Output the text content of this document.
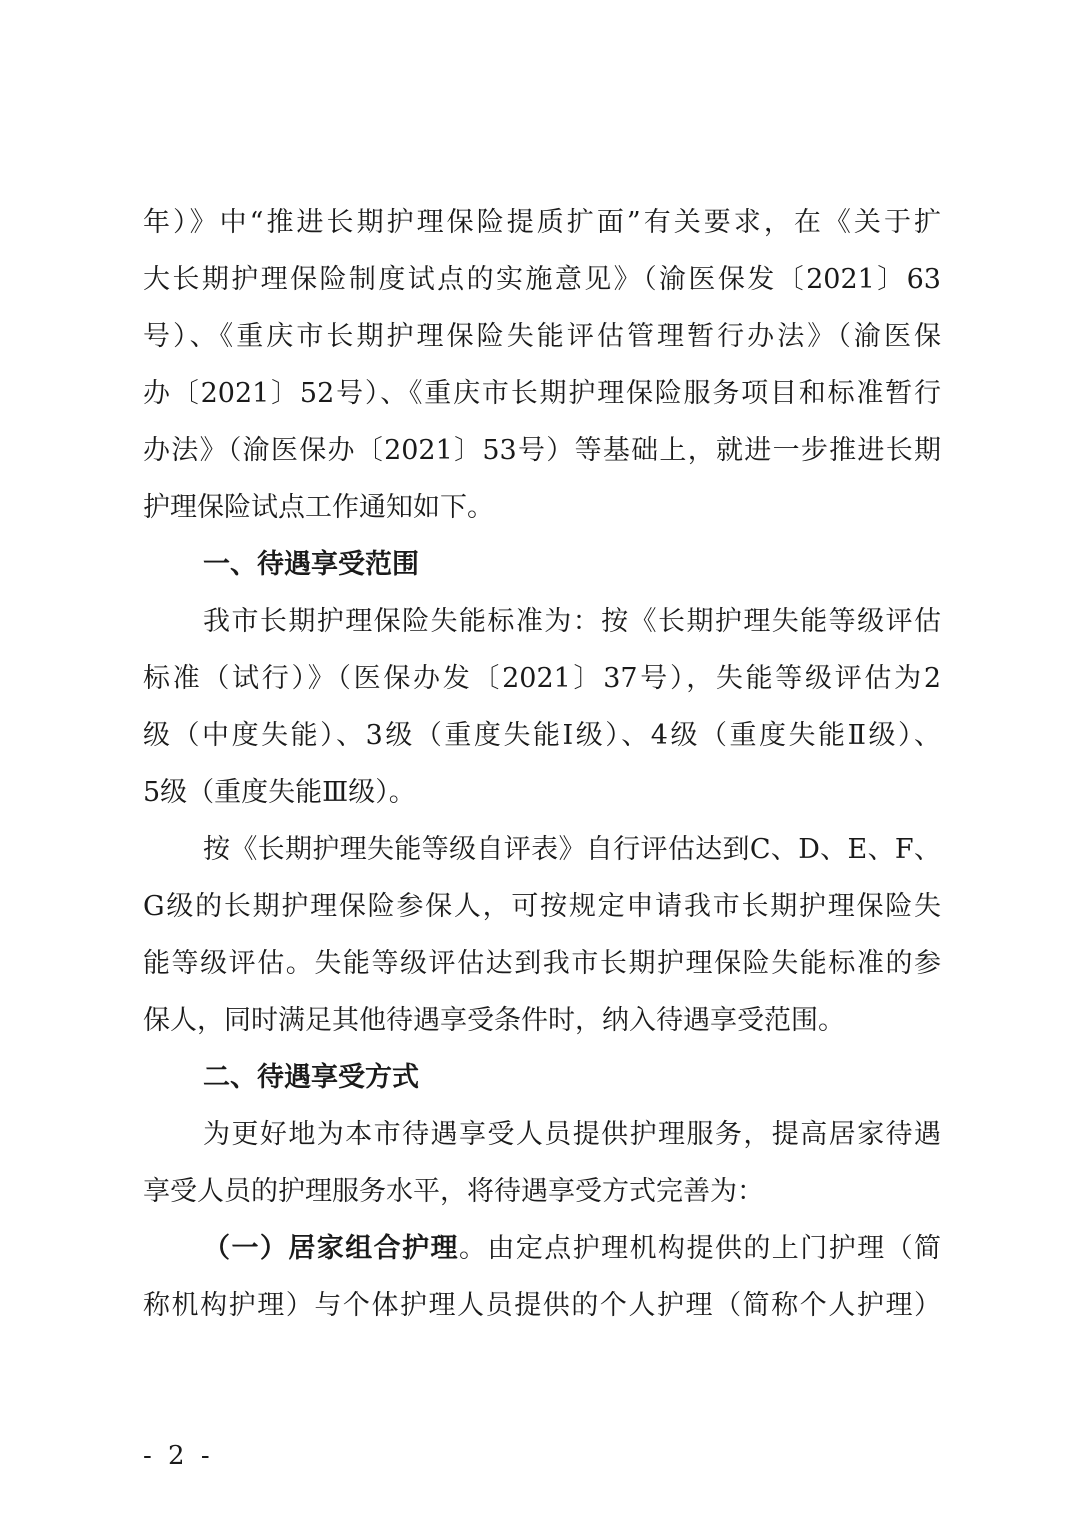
年）》中“推进长期护理保险提质扩面”有关要求，在《关于扩
大长期护理保险制度试点的实施意见》（渝医保发〔2021〕63
号）、《重庆市长期护理保险失能评估管理暂行办法》（渝医保
办〔2021〕52号）、《重庆市长期护理保险服务项目和标准暂行
办法》（渝医保办〔2021〕53号）等基础上，就进一步推进长期
护理保险试点工作通知如下。
一、待遇享受范围
我市长期护理保险失能标准为：按《长期护理失能等级评估
标准（试行）》（医保办发〔2021〕37号），失能等级评估为2
级（中度失能）、3级（重度失能Ⅰ级）、4级（重度失能Ⅱ级）、
5级（重度失能Ⅲ级）。
按《长期护理失能等级自评表》自行评估达到C、D、E、F、
G级的长期护理保险参保人，可按规定申请我市长期护理保险失
能等级评估。失能等级评估达到我市长期护理保险失能标准的参
保人，同时满足其他待遇享受条件时，纳入待遇享受范围。
二、待遇享受方式
为更好地为本市待遇享受人员提供护理服务，提高居家待遇
享受人员的护理服务水平，将待遇享受方式完善为：
（一）居家组合护理。由定点护理机构提供的上门护理（简
称机构护理）与个体护理人员提供的个人护理（简称个人护理）
- 2 -
